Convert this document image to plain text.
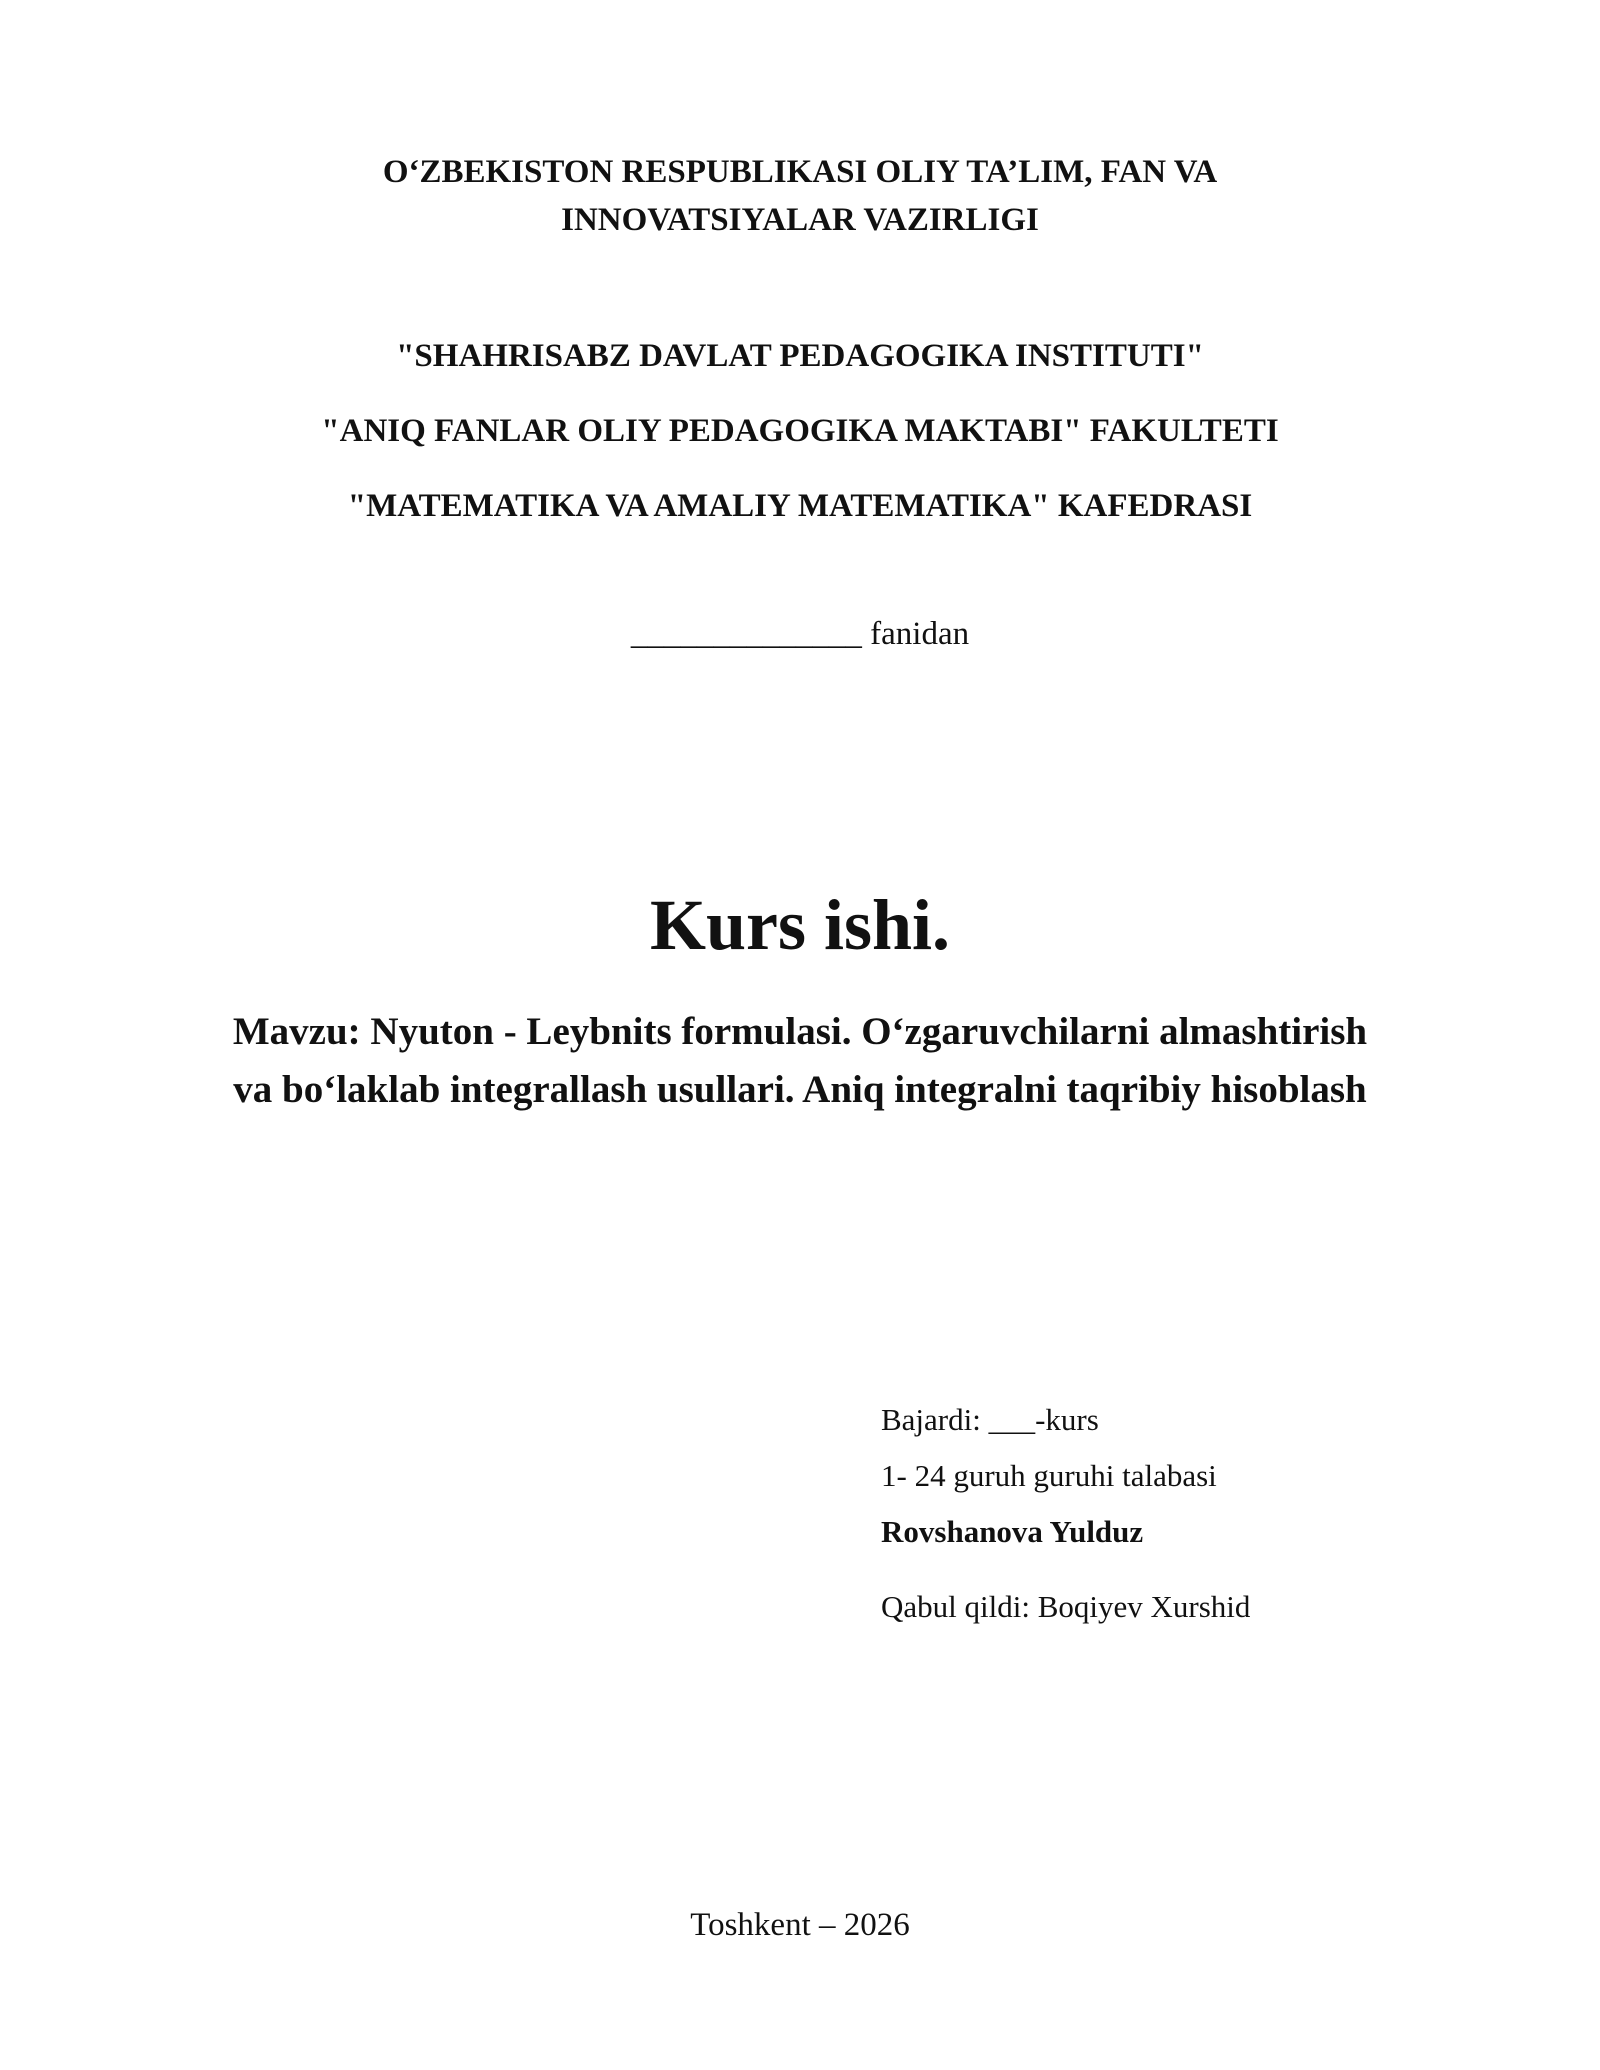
O‘ZBEKISTON RESPUBLIKASI OLIY TA’LIM, FAN VA
INNOVATSIYALAR VAZIRLIGI
"SHAHRISABZ DAVLAT PEDAGOGIKA INSTITUTI"
"ANIQ FANLAR OLIY PEDAGOGIKA MAKTABI" FAKULTETI
"MATEMATIKA VA AMALIY MATEMATIKA" KAFEDRASI
______________ fanidan
Kurs ishi.
Mavzu: Nyuton - Leybnits formulasi. O‘zgaruvchilarni almashtirish
va bo‘laklab integrallash usullari. Aniq integralni taqribiy hisoblash
Bajardi: ___-kurs
1- 24 guruh guruhi talabasi
Rovshanova Yulduz
Qabul qildi: Boqiyev Xurshid
Toshkent – 2026
